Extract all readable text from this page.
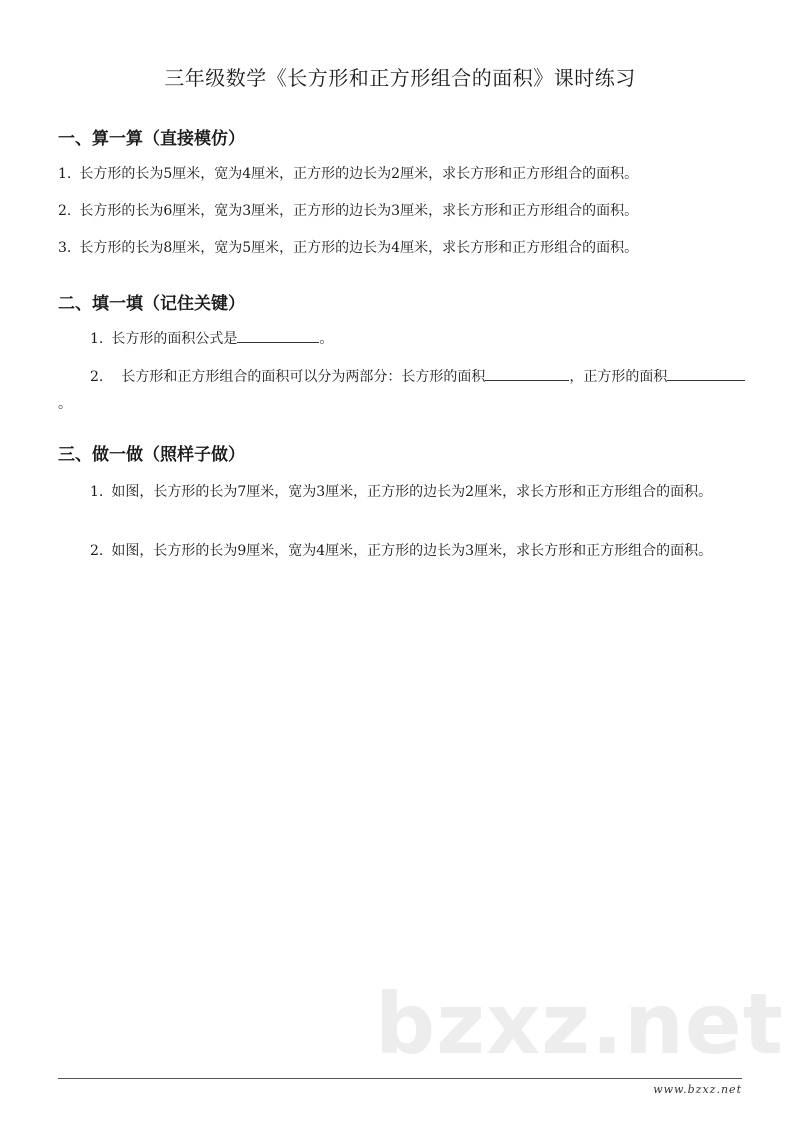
三年级数学《长方形和正方形组合的面积》课时练习
一、算一算（直接模仿）
1. 长方形的长为5厘米，宽为4厘米，正方形的边长为2厘米，求长方形和正方形组合的面积。
2. 长方形的长为6厘米，宽为3厘米，正方形的边长为3厘米，求长方形和正方形组合的面积。
3. 长方形的长为8厘米，宽为5厘米，正方形的边长为4厘米，求长方形和正方形组合的面积。
二、填一填（记住关键）
1. 长方形的面积公式是	。
2. 长方形和正方形组合的面积可以分为两部分：长方形的面积	，正方形的面积。
三、做一做（照样子做）
1. 如图，长方形的长为7厘米，宽为3厘米，正方形的边长为2厘米，求长方形和正方形组合的面积。
2. 如图，长方形的长为9厘米，宽为4厘米，正方形的边长为3厘米，求长方形和正方形组合的面积。
bzxz.net
www.bzxz.net
